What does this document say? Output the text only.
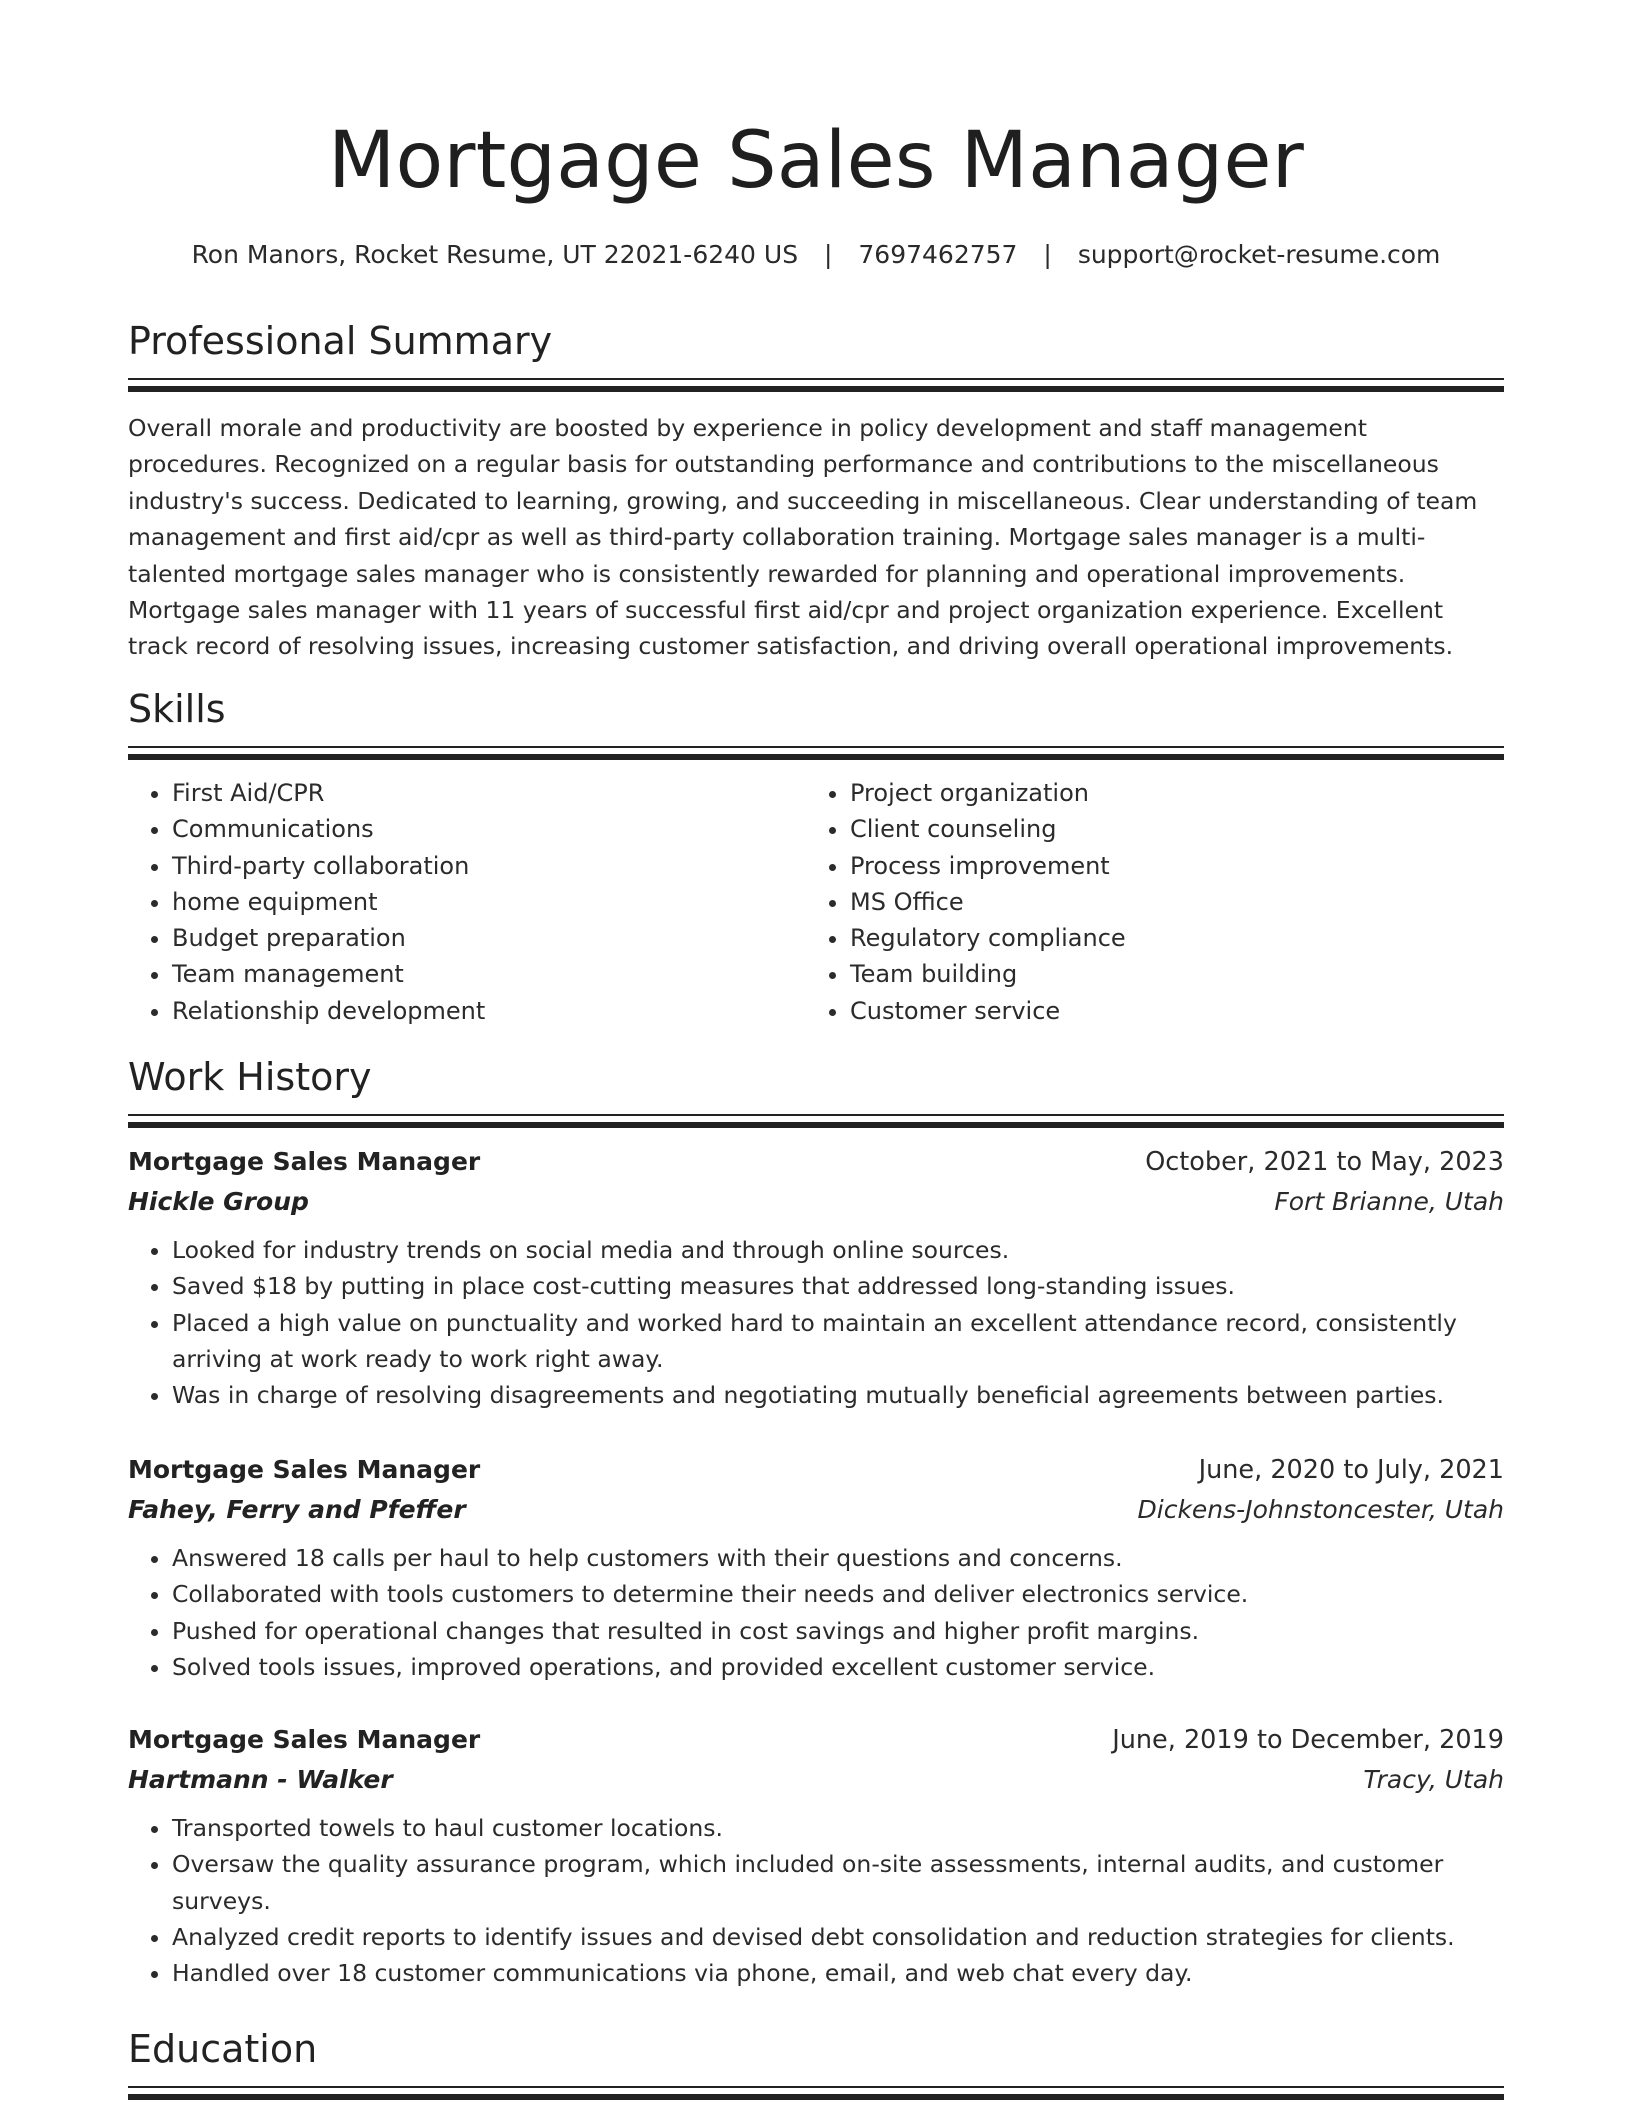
Mortgage Sales Manager
Ron Manors, Rocket Resume, UT 22021-6240 US | 7697462757 | support@rocket-resume.com
Professional Summary

Overall morale and productivity are boosted by experience in policy development and staff management procedures. Recognized on a regular basis for outstanding performance and contributions to the miscellaneous industry's success. Dedicated to learning, growing, and succeeding in miscellaneous. Clear understanding of team management and first aid/cpr as well as third-party collaboration training. Mortgage sales manager is a multi-talented mortgage sales manager who is consistently rewarded for planning and operational improvements. Mortgage sales manager with 11 years of successful first aid/cpr and project organization experience. Excellent track record of resolving issues, increasing customer satisfaction, and driving overall operational improvements.

Skills
• First Aid/CPR
• Communications
• Third-party collaboration
• home equipment
• Budget preparation
• Team management
• Relationship development
• Project organization
• Client counseling
• Process improvement
• MS Office
• Regulatory compliance
• Team building
• Customer service
Work History
Mortgage Sales Manager	October, 2021 to May, 2023
Hickle Group	Fort Brianne, Utah
• Looked for industry trends on social media and through online sources.
• Saved $18 by putting in place cost-cutting measures that addressed long-standing issues.
• Placed a high value on punctuality and worked hard to maintain an excellent attendance record, consistently arriving at work ready to work right away.
• Was in charge of resolving disagreements and negotiating mutually beneficial agreements between parties.
Mortgage Sales Manager	June, 2020 to July, 2021
Fahey, Ferry and Pfeffer	Dickens-Johnstoncester, Utah
• Answered 18 calls per haul to help customers with their questions and concerns.
• Collaborated with tools customers to determine their needs and deliver electronics service.
• Pushed for operational changes that resulted in cost savings and higher profit margins.
• Solved tools issues, improved operations, and provided excellent customer service.
Mortgage Sales Manager	June, 2019 to December, 2019
Hartmann - Walker	Tracy, Utah
• Transported towels to haul customer locations.
• Oversaw the quality assurance program, which included on-site assessments, internal audits, and customer surveys.
• Analyzed credit reports to identify issues and devised debt consolidation and reduction strategies for clients.
• Handled over 18 customer communications via phone, email, and web chat every day.
Education
